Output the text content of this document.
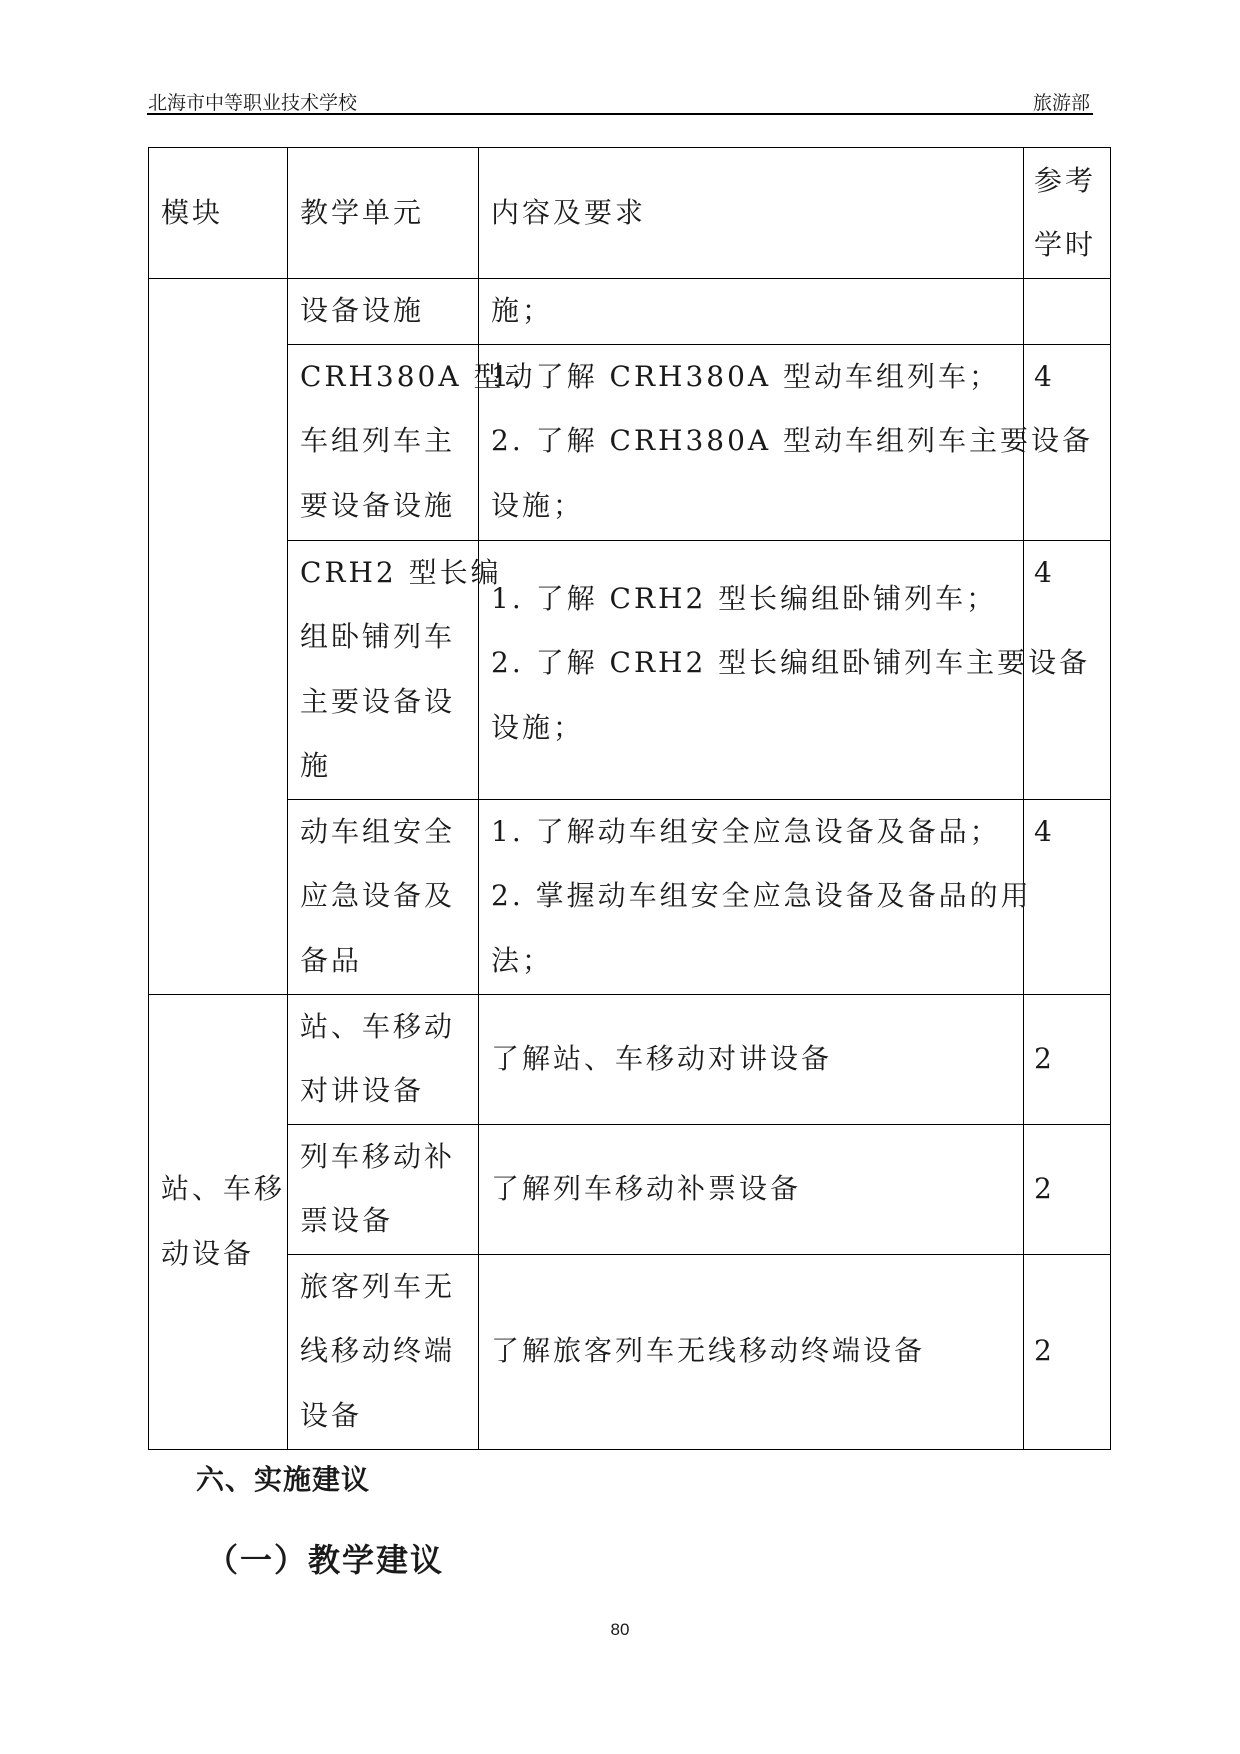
北海市中等职业技术学校	旅游部
模块	教学单元	内容及要求	参考
学时

	设备设施	施；	

	CRH380A 型动
车组列车主
要设备设施	1. 了解 CRH380A 型动车组列车；
2. 了解 CRH380A 型动车组列车主要设备
设施；	4

	CRH2 型长编
组卧铺列车
主要设备设
施	1. 了解 CRH2 型长编组卧铺列车；
2. 了解 CRH2 型长编组卧铺列车主要设备
设施；	4

	动车组安全
应急设备及
备品	1. 了解动车组安全应急设备及备品；
2. 掌握动车组安全应急设备及备品的用
法；	4

站、车移
动设备	站、车移动
对讲设备	了解站、车移动对讲设备	2

	列车移动补
票设备	了解列车移动补票设备	2

	旅客列车无
线移动终端
设备	了解旅客列车无线移动终端设备	2
六、实施建议
（一）教学建议
80
